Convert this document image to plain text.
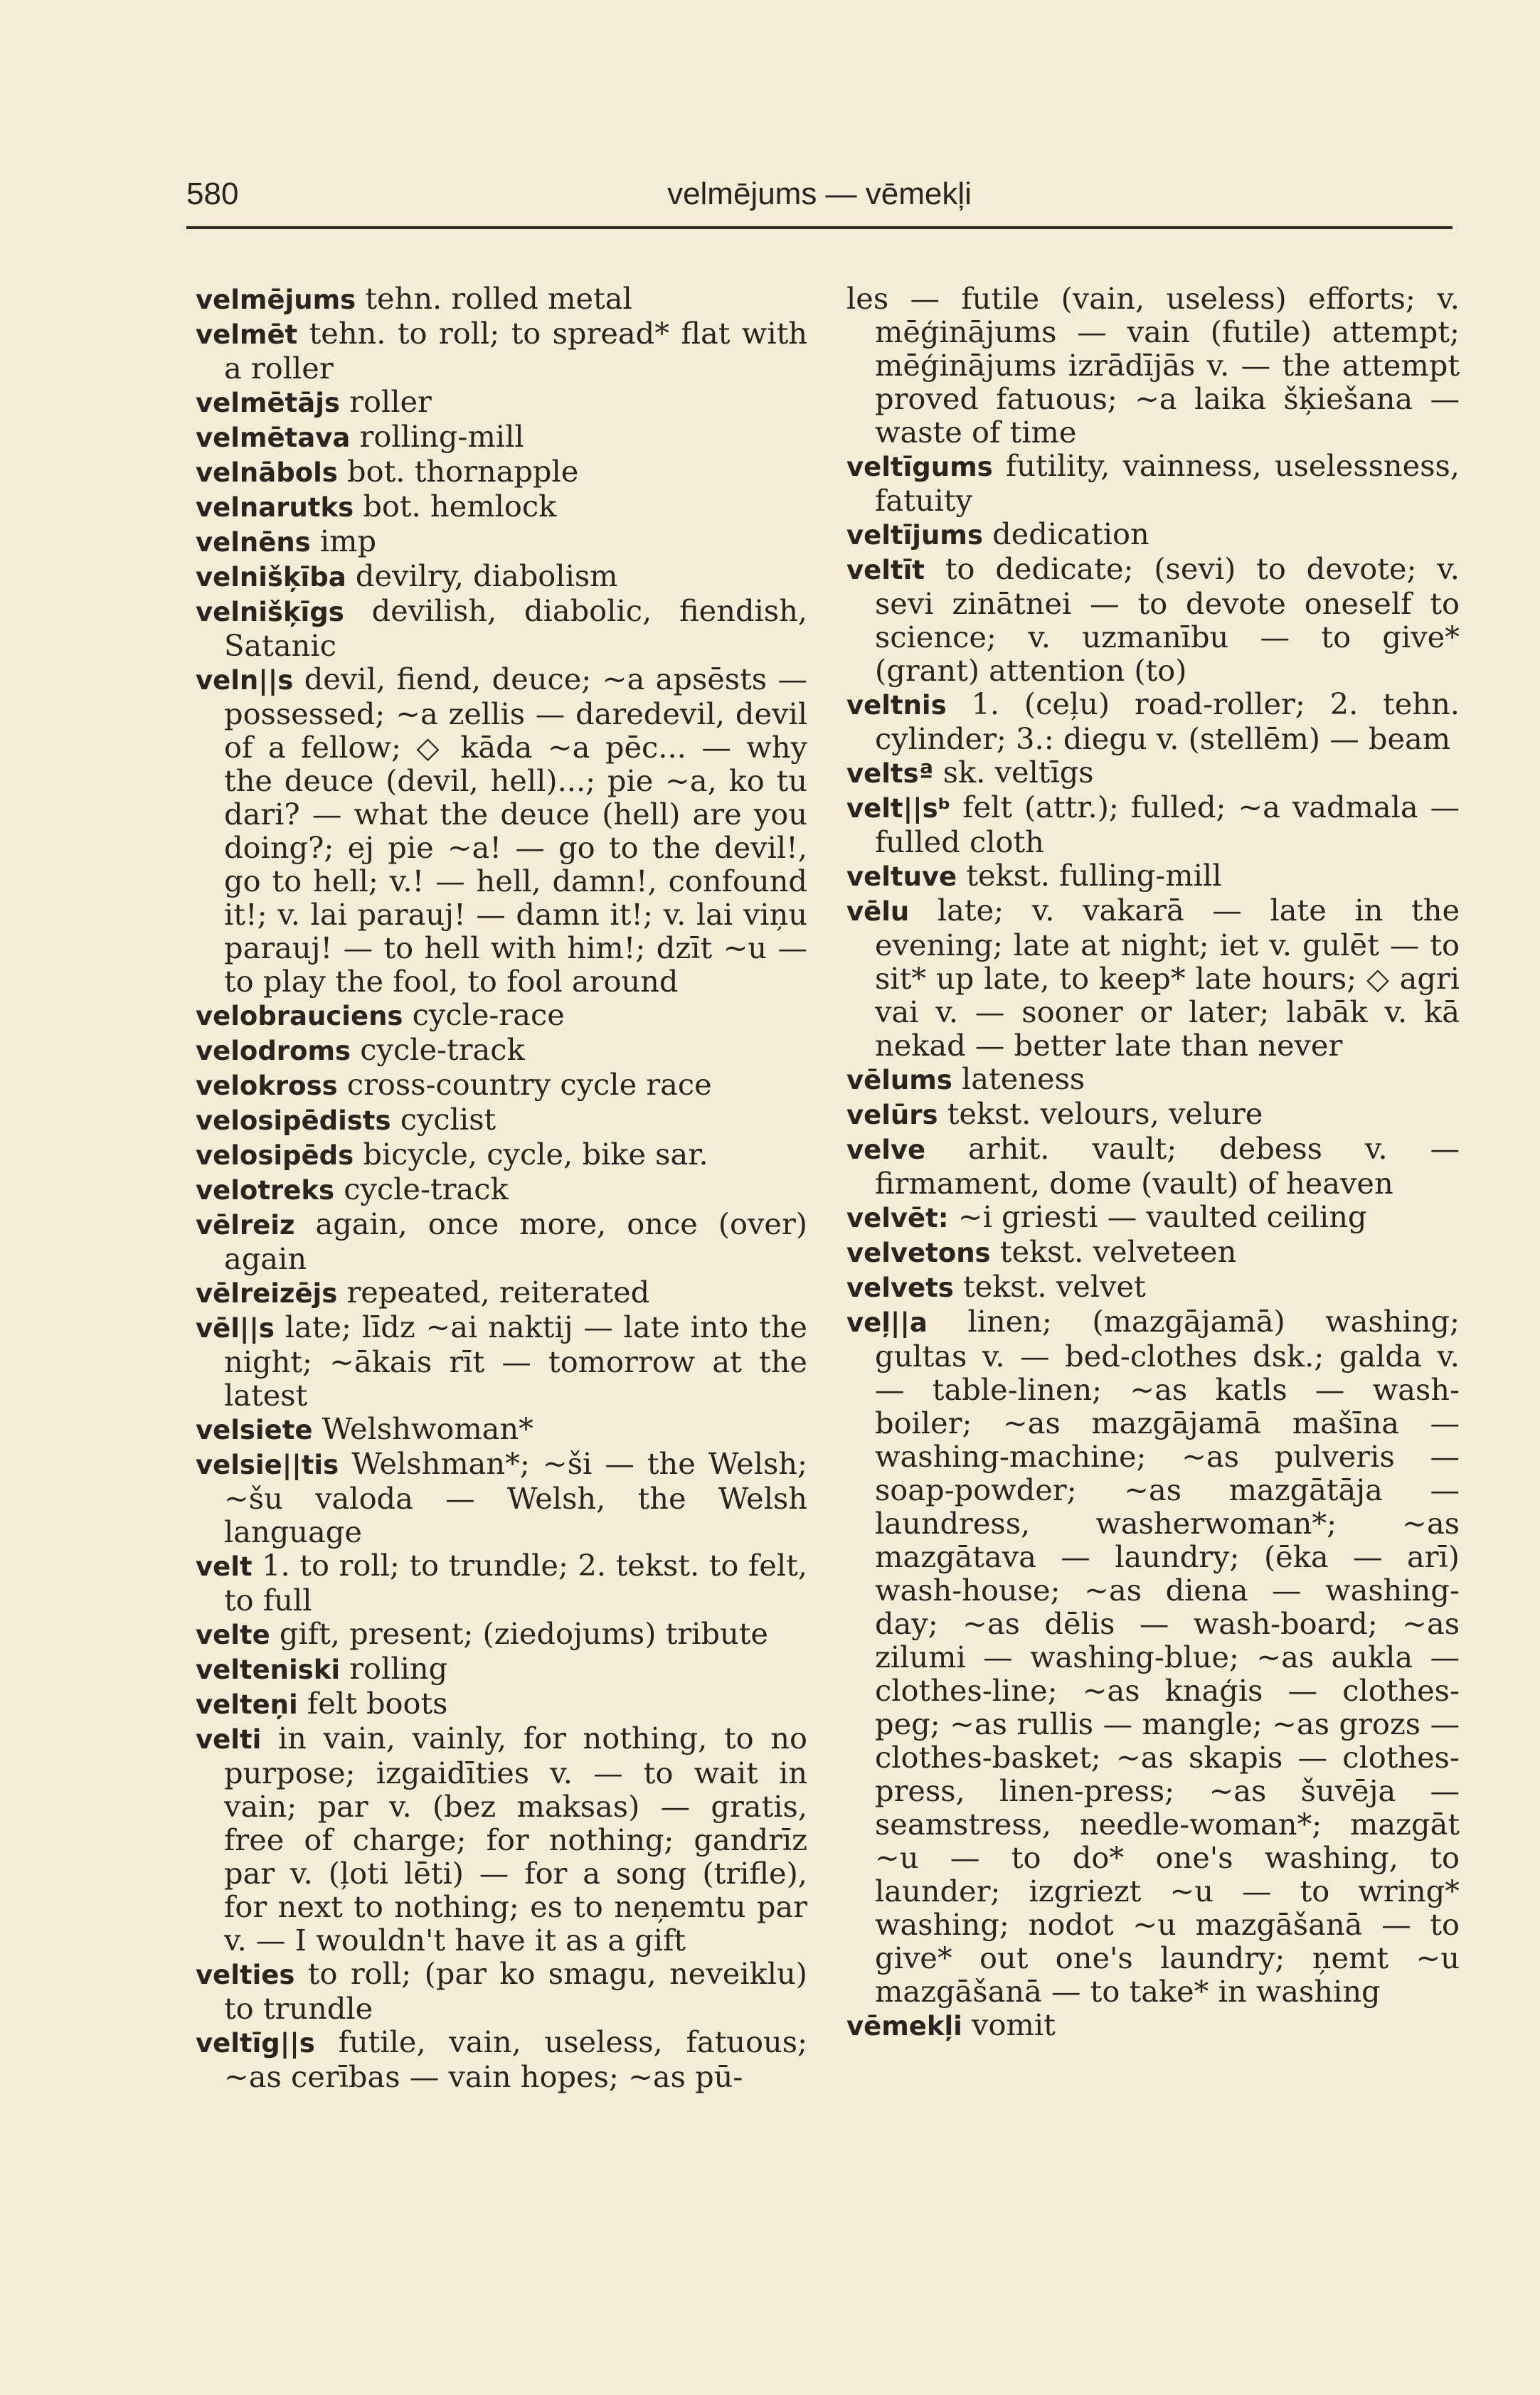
580	velmējums — vēmekļi

velmējums tehn. rolled metal

velmēt tehn. to roll; to spread* flat with a roller

velmētājs roller

velmētava rolling-mill

velnābols bot. thornapple

velnarutks bot. hemlock

velnēns imp

velnišķība devilry, diabolism

velnišķīgs devilish, diabolic, fiendish, Satanic

veln||s devil, fiend, deuce; ~a apsēsts — possessed; ~a zellis — daredevil, devil of a fellow; ◇ kāda ~a pēc... — why the deuce (devil, hell)...; pie ~a, ko tu dari? — what the deuce (hell) are you doing?; ej pie ~a! — go to the devil!, go to hell; v.! — hell, damn!, confound it!; v. lai parauj! — damn it!; v. lai viņu parauj! — to hell with him!; dzīt ~u — to play the fool, to fool around

velobrauciens cycle-race

velodroms cycle-track

velokross cross-country cycle race

velosipēdists cyclist

velosipēds bicycle, cycle, bike sar.

velotreks cycle-track

vēlreiz again, once more, once (over) again

vēlreizējs repeated, reiterated

vēl||s late; līdz ~ai naktij — late into the night; ~ākais rīt — tomorrow at the latest

velsiete Welshwoman*

velsie||tis Welshman*; ~ši — the Welsh; ~šu valoda — Welsh, the Welsh language

velt 1. to roll; to trundle; 2. tekst. to felt, to full

velte gift, present; (ziedojums) tribute

velteniski rolling

velteņi felt boots

velti in vain, vainly, for nothing, to no purpose; izgaidīties v. — to wait in vain; par v. (bez maksas) — gratis, free of charge; for nothing; gandrīz par v. (ļoti lēti) — for a song (trifle), for next to nothing; es to neņemtu par v. — I wouldn't have it as a gift

velties to roll; (par ko smagu, neveiklu) to trundle

veltīg||s futile, vain, useless, fatuous; ~as cerības — vain hopes; ~as pū-

les — futile (vain, useless) efforts; v. mēģinājums — vain (futile) attempt; mēģinājums izrādījās v. — the attempt proved fatuous; ~a laika šķiešana — waste of time

veltīgums futility, vainness, uselessness, fatuity

veltījums dedication

veltīt to dedicate; (sevi) to devote; v. sevi zinātnei — to devote oneself to science; v. uzmanību — to give* (grant) attention (to)

veltnis 1. (ceļu) road-roller; 2. tehn. cylinder; 3.: diegu v. (stellēm) — beam

veltsª sk. veltīgs

velt||sᵇ felt (attr.); fulled; ~a vadmala — fulled cloth

veltuve tekst. fulling-mill

vēlu late; v. vakarā — late in the evening; late at night; iet v. gulēt — to sit* up late, to keep* late hours; ◇ agri vai v. — sooner or later; labāk v. kā nekad — better late than never

vēlums lateness

velūrs tekst. velours, velure

velve arhit. vault; debess v. — firmament, dome (vault) of heaven

velvēt: ~i griesti — vaulted ceiling

velvetons tekst. velveteen

velvets tekst. velvet

veļ||a linen; (mazgājamā) washing; gultas v. — bed-clothes dsk.; galda v. — table-linen; ~as katls — wash-boiler; ~as mazgājamā mašīna — washing-machine; ~as pulveris — soap-powder; ~as mazgātāja — laundress, washerwoman*; ~as mazgātava — laundry; (ēka — arī) wash-house; ~as diena — washing-day; ~as dēlis — wash-board; ~as zilumi — washing-blue; ~as aukla — clothes-line; ~as knaģis — clothes-peg; ~as rullis — mangle; ~as grozs — clothes-basket; ~as skapis — clothes-press, linen-press; ~as šuvēja — seamstress, needle-woman*; mazgāt ~u — to do* one's washing, to launder; izgriezt ~u — to wring* washing; nodot ~u mazgāšanā — to give* out one's laundry; ņemt ~u mazgāšanā — to take* in washing

vēmekļi vomit
